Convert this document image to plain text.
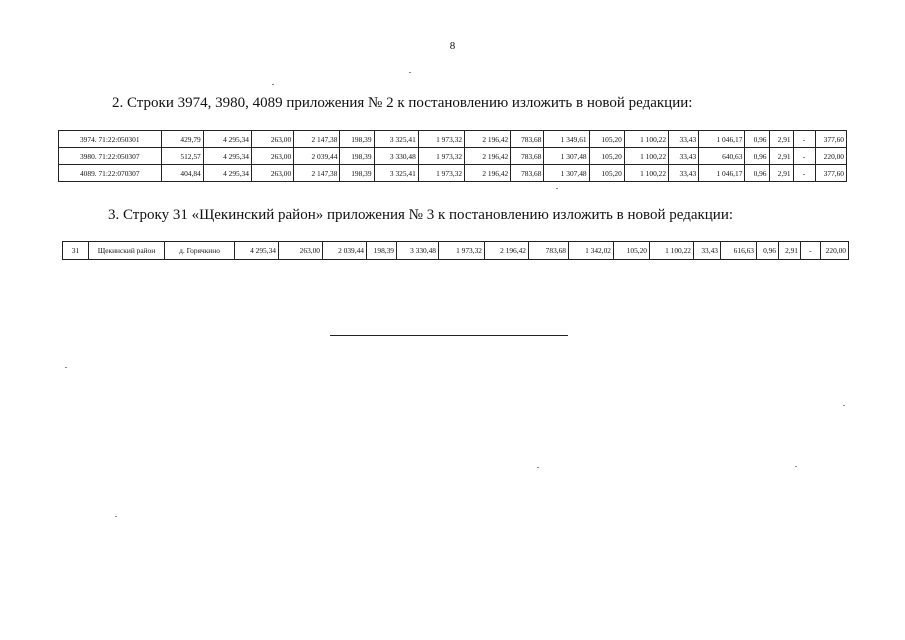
8
2. Строки 3974, 3980, 4089 приложения № 2 к постановлению изложить в новой редакции:
3974. 71:22:050301	429,79	4 295,34	263,00	2 147,38	198,39	3 325,41	1 973,32	2 196,42	783,68	1 349,61	105,20	1 100,22	33,43	1 046,17	0,96	2,91	-	377,60
3980. 71:22:050307	512,57	4 295,34	263,00	2 039,44	198,39	3 330,48	1 973,32	2 196,42	783,68	1 307,48	105,20	1 100,22	33,43	640,63	0,96	2,91	-	220,00
4089. 71:22:070307	404,84	4 295,34	263,00	2 147,38	198,39	3 325,41	1 973,32	2 196,42	783,68	1 307,48	105,20	1 100,22	33,43	1 046,17	0,96	2,91	-	377,60
3. Строку 31 «Щекинский район» приложения № 3 к постановлению изложить в новой редакции:
31	Щекинский район	д. Горячкино	4 295,34	263,00	2 039,44	198,39	3 330,48	1 973,32	2 196,42	783,68	1 342,02	105,20	1 100,22	33,43	616,63	0,96	2,91	-	220,00
